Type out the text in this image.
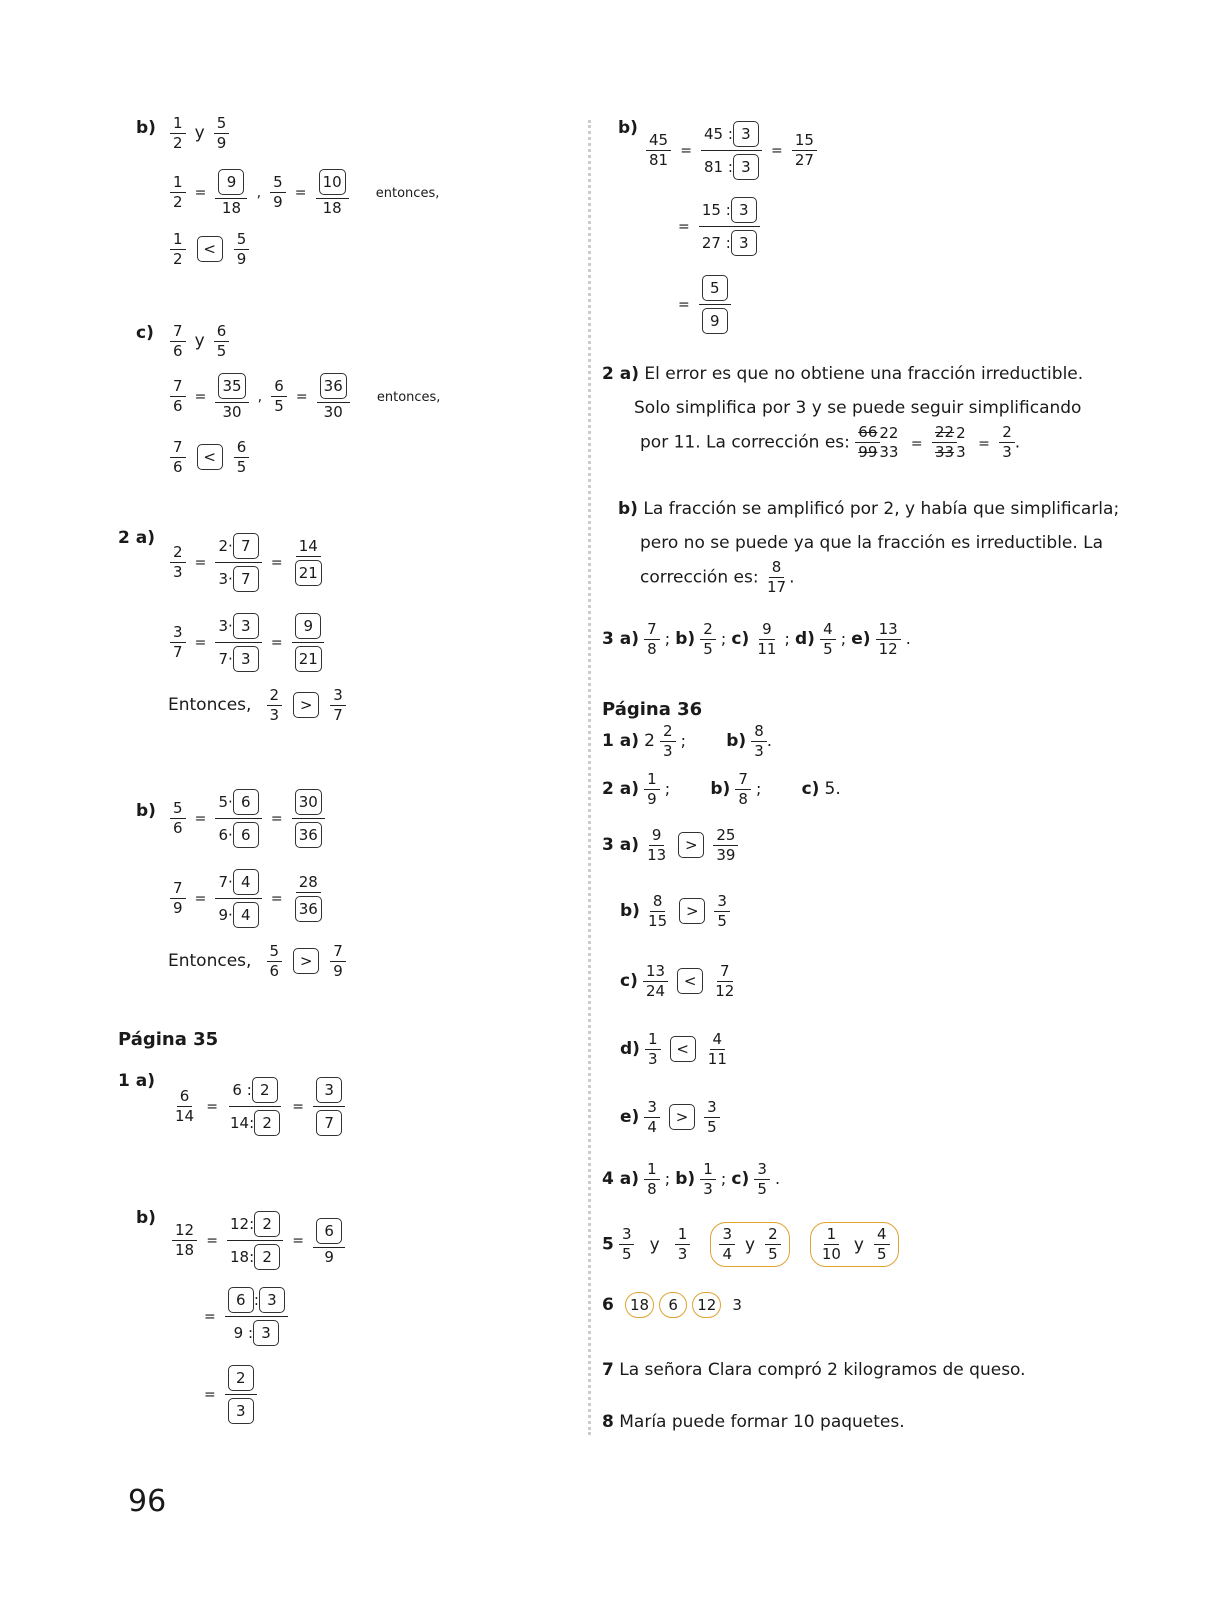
$b) \frac{1}{2}$ y $\frac{5}{9}$
$\frac{1}{2} = \frac{9}{18}$ , $\frac{5}{9} = \frac{10}{18}$ entonces,
$\frac{1}{2} < \frac{5}{9}$
$c) \frac{7}{6}$ y $\frac{6}{5}$
$\frac{7}{6} = \frac{35}{30}$ , $\frac{6}{5} = \frac{36}{30}$ entonces,
$\frac{7}{6} < \frac{6}{5}$
2 a)
$\frac{2}{3} = \frac{2\cdot 7}{3\cdot 7} = \frac{14}{21}$
$\frac{3}{7} = \frac{3\cdot 3}{7\cdot 3} = \frac{9}{21}$
Entonces, $\frac{2}{3} > \frac{3}{7}$
$b) \frac{5}{6} = \frac{5\cdot 6}{6\cdot 6} = \frac{30}{36}$
$\frac{7}{9} = \frac{7\cdot 4}{9\cdot 4} = \frac{28}{36}$
Entonces, $\frac{5}{6} > \frac{7}{9}$
Página 35
1 a)
$\frac{6}{14} = \frac{6 : 2}{14: 2} = \frac{3}{7}$
b)
$\frac{12}{18} = \frac{12: 2}{18: 2} = \frac{6}{9}$
= $\frac{6 : 3}{9 : 3}$
= $\frac{2}{3}$
96
b)
$\frac{45}{81} = \frac{45 : 3}{81 : 3} = \frac{15}{27}$
= $\frac{15 : 3}{27 : 3}$
= $\frac{5}{9}$
2 a) El error es que no obtiene una fracción irreductible.
Solo simplifica por 3 y se puede seguir simplificando
por 11. La corrección es: $\frac{66}{99} 22$
$33 = \frac{22}{33} 2$
$3 = \frac{2}{3}$ .
b) La fracción se amplificó por 2, y había que simplificarla;
pero no se puede ya que la fracción es irreductible. La
corrección es: $\frac{8}{17}$ .
3 $a) \frac{7}{8}$ ; $b) \frac{2}{5}$ ; $c) \frac{9}{11}$ ; $d) \frac{4}{5}$ ; $e) \frac{13}{12}$ .
Página 36
1 a) $2 \frac{2}{3}$ ; $b) \frac{8}{3}$ .
2 $a) \frac{1}{9}$ ; $b) \frac{7}{8}$ ; c) 5.
3 $a) \frac{9}{13} > \frac{25}{39}$
$b) \frac{8}{15} > \frac{3}{5}$
$c) \frac{13}{24} < \frac{7}{12}$
$d) \frac{1}{3} < \frac{4}{11}$
$e) \frac{3}{4} > \frac{3}{5}$
4 $a) \frac{1}{8}$ ; $b) \frac{1}{3}$ ; $c) \frac{3}{5}$ .
$5 \frac{3}{5}$ y $\frac{1}{3}$
$\frac{3}{4}$ y $\frac{2}{5}$
	$\frac{1}{10}$ y $\frac{4}{5}$
6 18 6 12 3
7 La señora Clara compró 2 kilogramos de queso.
8 María puede formar 10 paquetes.
